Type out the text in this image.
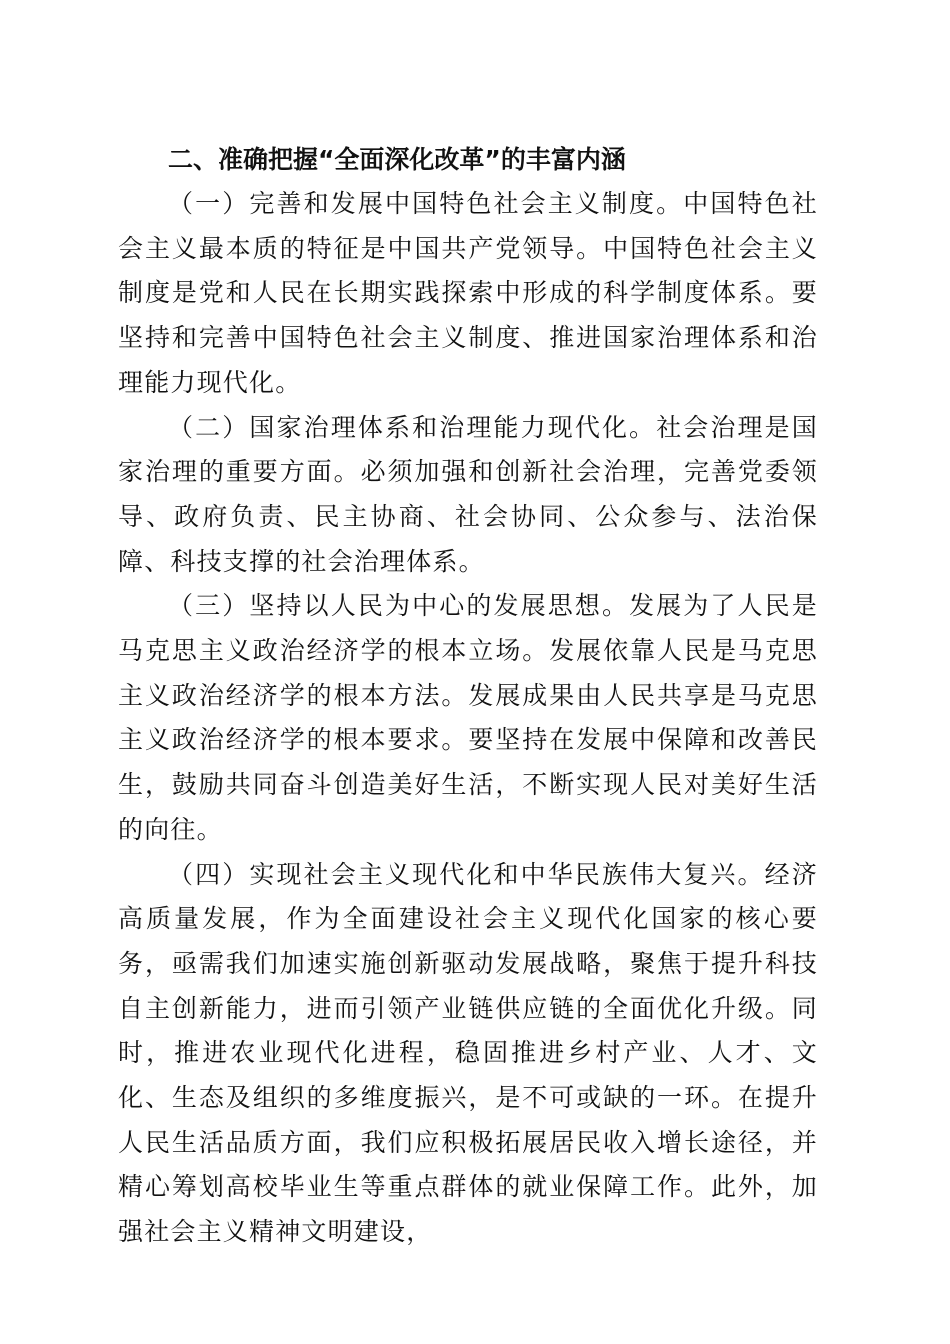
二、准确把握“全面深化改革”的丰富内涵

（一）完善和发展中国特色社会主义制度。中国特色社会主义最本质的特征是中国共产党领导。中国特色社会主义制度是党和人民在长期实践探索中形成的科学制度体系。要坚持和完善中国特色社会主义制度、推进国家治理体系和治理能力现代化。

（二）国家治理体系和治理能力现代化。社会治理是国家治理的重要方面。必须加强和创新社会治理，完善党委领导、政府负责、民主协商、社会协同、公众参与、法治保障、科技支撑的社会治理体系。

（三）坚持以人民为中心的发展思想。发展为了人民是马克思主义政治经济学的根本立场。发展依靠人民是马克思主义政治经济学的根本方法。发展成果由人民共享是马克思主义政治经济学的根本要求。要坚持在发展中保障和改善民生，鼓励共同奋斗创造美好生活，不断实现人民对美好生活的向往。

（四）实现社会主义现代化和中华民族伟大复兴。经济高质量发展，作为全面建设社会主义现代化国家的核心要务，亟需我们加速实施创新驱动发展战略，聚焦于提升科技自主创新能力，进而引领产业链供应链的全面优化升级。同时，推进农业现代化进程，稳固推进乡村产业、人才、文化、生态及组织的多维度振兴，是不可或缺的一环。在提升人民生活品质方面，我们应积极拓展居民收入增长途径，并精心筹划高校毕业生等重点群体的就业保障工作。此外，加强社会主义精神文明建设，
